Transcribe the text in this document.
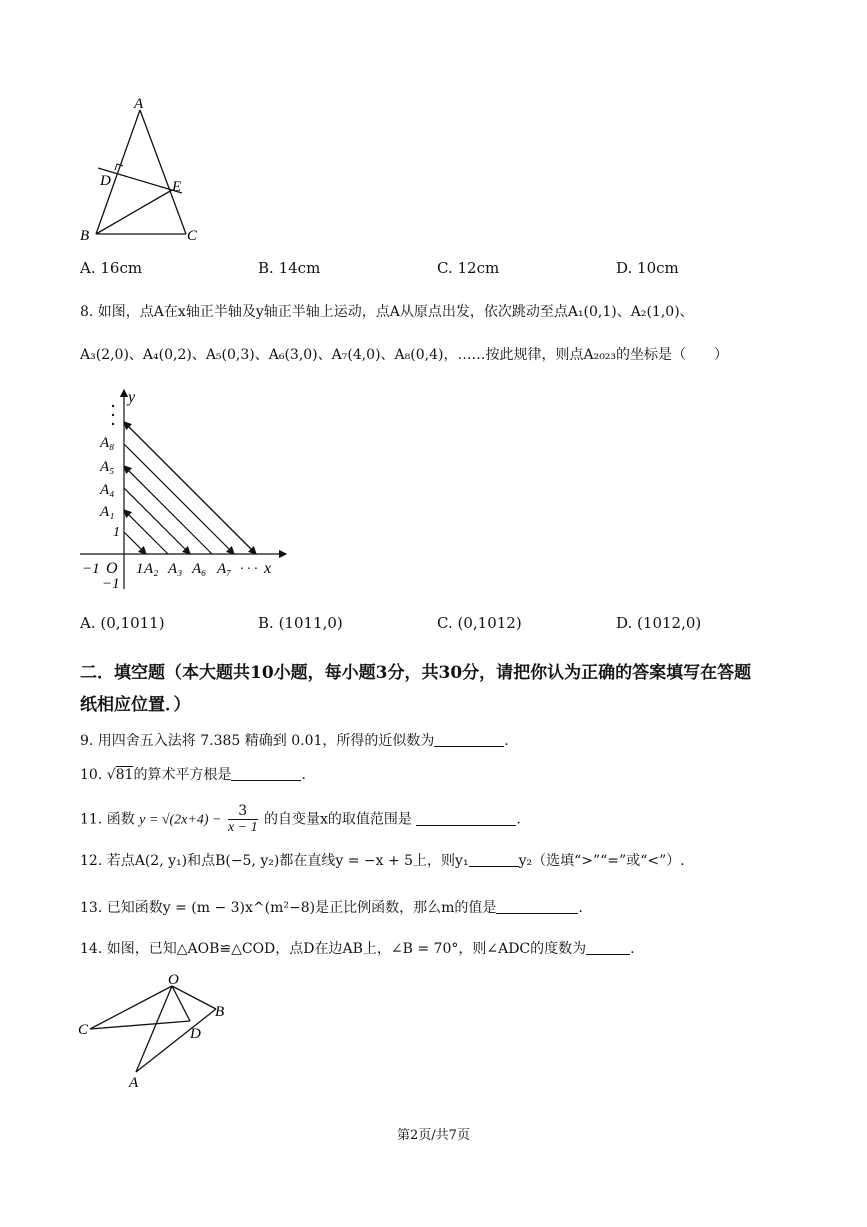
A
D	E
B	C
A. 16cm	B. 14cm	C. 12cm	D. 10cm
8. 如图，点A在x轴正半轴及y轴正半轴上运动，点A从原点出发，依次跳动至点A₁(0,1)、A₂(1,0)、
A₃(2,0)、A₄(0,2)、A₅(0,3)、A₆(3,0)、A₇(4,0)、A₈(0,4)，……按此规律，则点A₂₀₂₃的坐标是（　　）
y
A₈
A₅
A₄
A₁
1
−1 O
−1
1 A₂ A₃ A₆ A₇ · · · x
A. (0,1011)	B. (1011,0)	C. (0,1012)	D. (1012,0)
二．填空题（本大题共10小题，每小题3分，共30分，请把你认为正确的答案填写在答题
纸相应位置．）
9. 用四舍五入法将 7.385 精确到 0.01，所得的近似数为	.
10. √81的算术平方根是	.
11. 函数 $y = √(2x+4) - \frac{3}{x - 1}$ 的自变量x的取值范围是	.
12. 若点A(2, y₁)和点B(−5, y₂)都在直线y = −x + 5上，则y₁	y₂（选填“>”“=”或“<”）.
13. 已知函数y = (m − 3)x^(m²−8)是正比例函数，那么m的值是	.
14. 如图，已知△AOB≌△COD，点D在边AB上，∠B = 70°，则∠ADC的度数为	.
O
B
C	D
A
第2页/共7页
